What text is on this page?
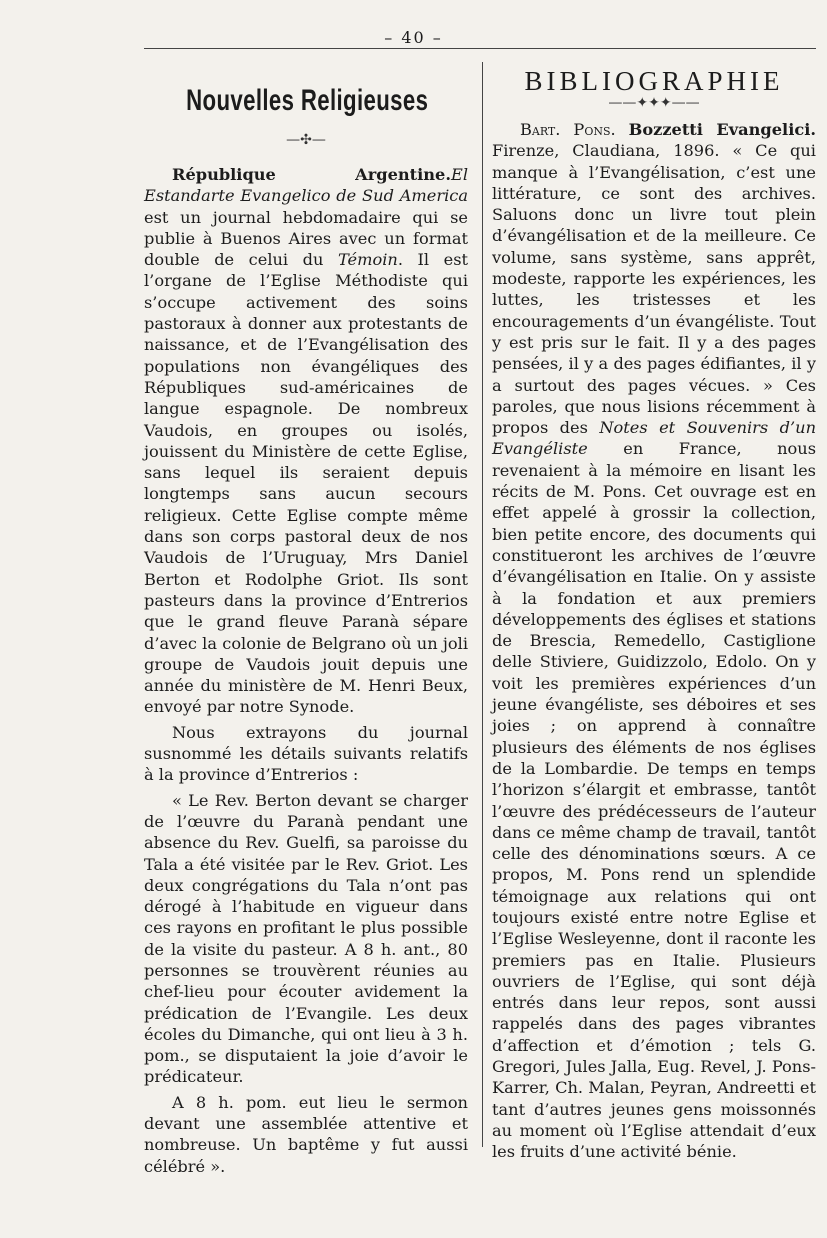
– 40 –
Nouvelles Religieuses
—✣—

République Argentine.El Estandarte Evangelico de Sud America est un journal hebdomadaire qui se publie à Buenos Aires avec un format double de celui du Témoin. Il est l’organe de l’Eglise Méthodiste qui s’occupe activement des soins pastoraux à donner aux protestants de naissance, et de l’Evangélisation des populations non évangéliques des Républiques sud-américaines de langue espagnole. De nombreux Vaudois, en groupes ou isolés, jouissent du Ministère de cette Eglise, sans lequel ils seraient depuis longtemps sans aucun secours religieux. Cette Eglise compte même dans son corps pastoral deux de nos Vaudois de l’Uruguay, Mrs Daniel Berton et Rodolphe Griot. Ils sont pasteurs dans la province d’Entrerios que le grand fleuve Paranà sépare d’avec la colonie de Belgrano où un joli groupe de Vaudois jouit depuis une année du ministère de M. Henri Beux, envoyé par notre Synode.

Nous extrayons du journal susnommé les détails suivants relatifs à la province d’Entrerios :

« Le Rev. Berton devant se charger de l’œuvre du Paranà pendant une absence du Rev. Guelfi, sa paroisse du Tala a été visitée par le Rev. Griot. Les deux congrégations du Tala n’ont pas dérogé à l’habitude en vigueur dans ces rayons en profitant le plus possible de la visite du pasteur. A 8 h. ant., 80 personnes se trouvèrent réunies au chef-lieu pour écouter avidement la prédication de l’Evangile. Les deux écoles du Dimanche, qui ont lieu à 3 h. pom., se disputaient la joie d’avoir le prédicateur.

A 8 h. pom. eut lieu le sermon devant une assemblée attentive et nombreuse. Un baptême y fut aussi célébré ».

BIBLIOGRAPHIE
——✦✦✦——

Bart. Pons. Bozzetti Evangelici. Firenze, Claudiana, 1896. « Ce qui manque à l’Evangélisation, c’est une littérature, ce sont des archives. Saluons donc un livre tout plein d’évangélisation et de la meilleure. Ce volume, sans système, sans apprêt, modeste, rapporte les expériences, les luttes, les tristesses et les encouragements d’un évangéliste. Tout y est pris sur le fait. Il y a des pages pensées, il y a des pages édifiantes, il y a surtout des pages vécues. » Ces paroles, que nous lisions récemment à propos des Notes et Souvenirs d’un Evangéliste en France, nous revenaient à la mémoire en lisant les récits de M. Pons. Cet ouvrage est en effet appelé à grossir la collection, bien petite encore, des documents qui constitueront les archives de l’œuvre d’évangélisation en Italie. On y assiste à la fondation et aux premiers développements des églises et stations de Brescia, Remedello, Castiglione delle Stiviere, Guidizzolo, Edolo. On y voit les premières expériences d’un jeune évangéliste, ses déboires et ses joies ; on apprend à connaître plusieurs des éléments de nos églises de la Lombardie. De temps en temps l’horizon s’élargit et embrasse, tantôt l’œuvre des prédécesseurs de l’auteur dans ce même champ de travail, tantôt celle des dénominations sœurs. A ce propos, M. Pons rend un splendide témoignage aux relations qui ont toujours existé entre notre Eglise et l’Eglise Wesleyenne, dont il raconte les premiers pas en Italie. Plusieurs ouvriers de l’Eglise, qui sont déjà entrés dans leur repos, sont aussi rappelés dans des pages vibrantes d’affection et d’émotion ; tels G. Gregori, Jules Jalla, Eug. Revel, J. Pons-Karrer, Ch. Malan, Peyran, Andreetti et tant d’autres jeunes gens moissonnés au moment où l’Eglise attendait d’eux les fruits d’une activité bénie.
